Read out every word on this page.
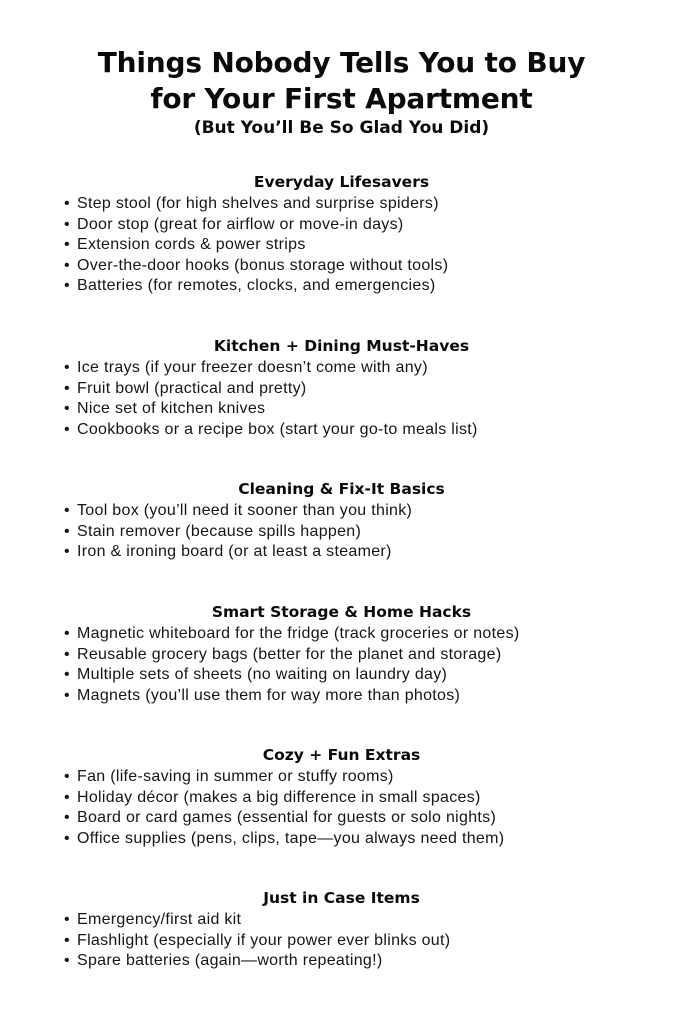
Things Nobody Tells You to Buy
for Your First Apartment

(But You’ll Be So Glad You Did)

Everyday Lifesavers
• Step stool (for high shelves and surprise spiders)
• Door stop (great for airflow or move-in days)
• Extension cords & power strips
• Over-the-door hooks (bonus storage without tools)
• Batteries (for remotes, clocks, and emergencies)
Kitchen + Dining Must-Haves
• Ice trays (if your freezer doesn’t come with any)
• Fruit bowl (practical and pretty)
• Nice set of kitchen knives
• Cookbooks or a recipe box (start your go-to meals list)
Cleaning & Fix-It Basics
• Tool box (you’ll need it sooner than you think)
• Stain remover (because spills happen)
• Iron & ironing board (or at least a steamer)
Smart Storage & Home Hacks
• Magnetic whiteboard for the fridge (track groceries or notes)
• Reusable grocery bags (better for the planet and storage)
• Multiple sets of sheets (no waiting on laundry day)
• Magnets (you’ll use them for way more than photos)
Cozy + Fun Extras
• Fan (life-saving in summer or stuffy rooms)
• Holiday décor (makes a big difference in small spaces)
• Board or card games (essential for guests or solo nights)
• Office supplies (pens, clips, tape—you always need them)
Just in Case Items
• Emergency/first aid kit
• Flashlight (especially if your power ever blinks out)
• Spare batteries (again—worth repeating!)
